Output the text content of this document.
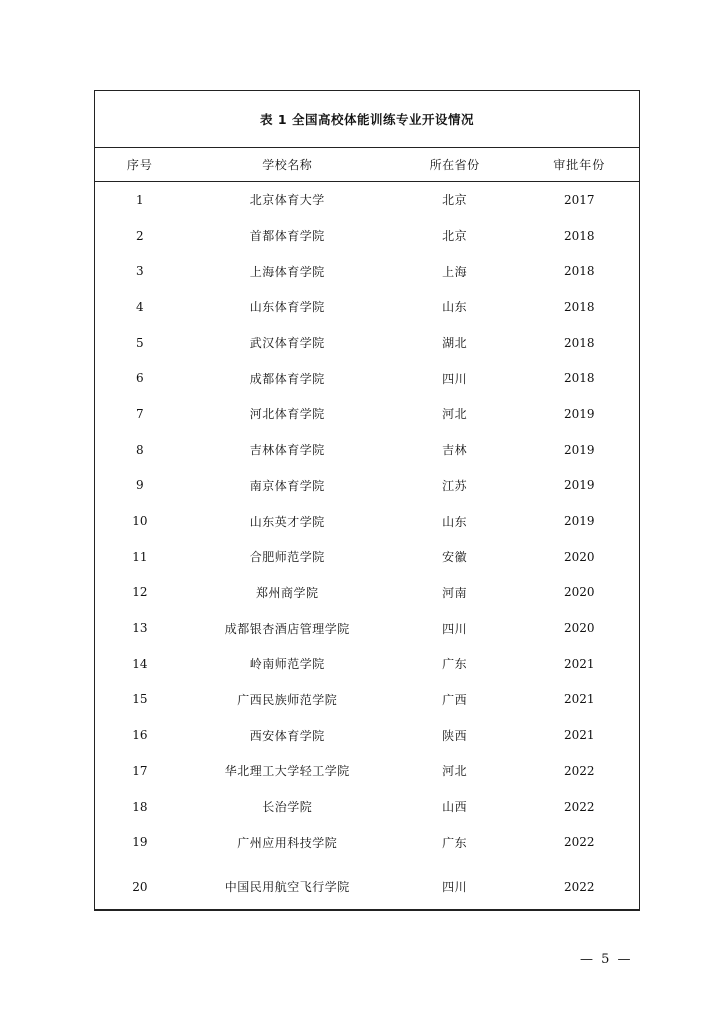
表 1 全国高校体能训练专业开设情况
序号	学校名称	所在省份	审批年份
1	北京体育大学	北京	2017
2	首都体育学院	北京	2018
3	上海体育学院	上海	2018
4	山东体育学院	山东	2018
5	武汉体育学院	湖北	2018
6	成都体育学院	四川	2018
7	河北体育学院	河北	2019
8	吉林体育学院	吉林	2019
9	南京体育学院	江苏	2019
10	山东英才学院	山东	2019
11	合肥师范学院	安徽	2020
12	郑州商学院	河南	2020
13	成都银杏酒店管理学院	四川	2020
14	岭南师范学院	广东	2021
15	广西民族师范学院	广西	2021
16	西安体育学院	陕西	2021
17	华北理工大学轻工学院	河北	2022
18	长治学院	山西	2022
19	广州应用科技学院	广东	2022
20	中国民用航空飞行学院	四川	2022
— 5 —
